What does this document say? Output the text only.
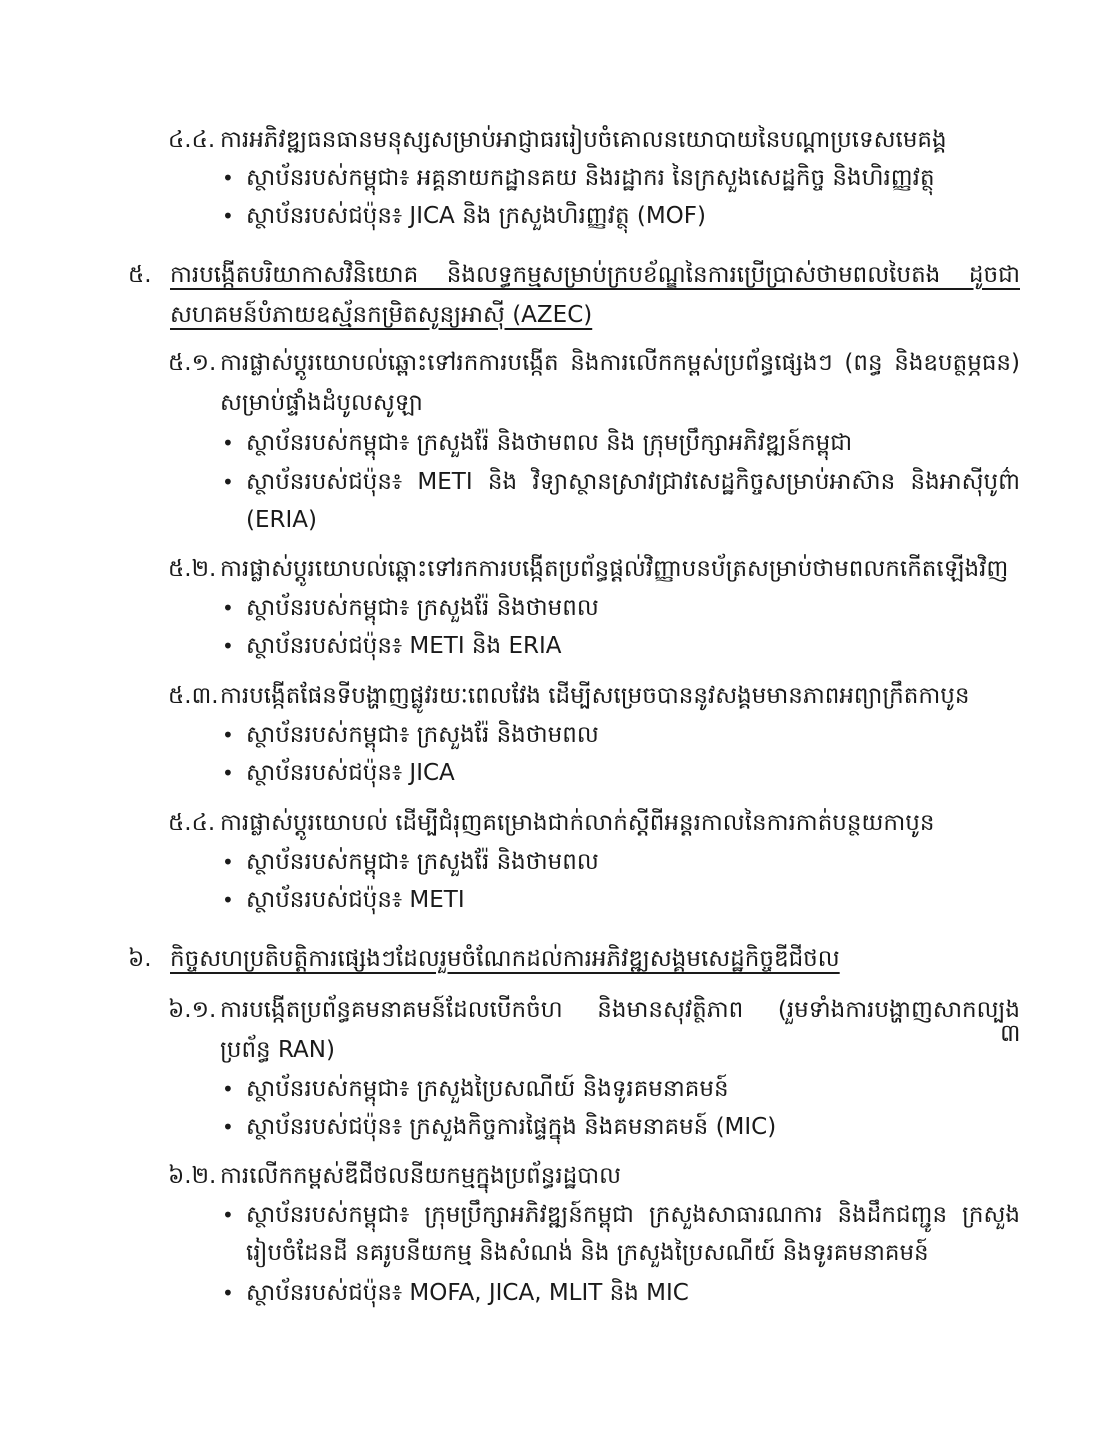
៤.៤. ការអភិវឌ្ឍធនធានមនុស្សសម្រាប់អាជ្ញាធររៀបចំគោលនយោបាយនៃបណ្តាប្រទេសមេគង្គ
• ស្ថាប័នរបស់កម្ពុជា៖ អគ្គនាយកដ្ឋានគយ និងរដ្ឋាករ នៃក្រសួងសេដ្ឋកិច្ច និងហិរញ្ញវត្ថុ
• ស្ថាប័នរបស់ជប៉ុន៖ JICA និង ក្រសួងហិរញ្ញវត្ថុ (MOF)
៥. ការបង្កើតបរិយាកាសវិនិយោគ និងលទ្ធកម្មសម្រាប់ក្របខ័ណ្ឌនៃការប្រើប្រាស់ថាមពលបៃតង ដូចជា
សហគមន៍បំភាយឧស្ម័នកម្រិតសូន្យអាស៊ី (AZEC)
៥.១. ការផ្លាស់ប្តូរយោបល់ឆ្ពោះទៅរកការបង្កើត និងការលើកកម្ពស់ប្រព័ន្ធផ្សេងៗ (ពន្ធ និងឧបត្ថម្ភធន)
សម្រាប់ផ្ទាំងដំបូលសូឡា
• ស្ថាប័នរបស់កម្ពុជា៖ ក្រសួងរ៉ែ និងថាមពល និង ក្រុមប្រឹក្សាអភិវឌ្ឍន៍កម្ពុជា
• ស្ថាប័នរបស់ជប៉ុន៖ METI និង វិទ្យាស្ថានស្រាវជ្រាវសេដ្ឋកិច្ចសម្រាប់អាស៊ាន និងអាស៊ីបូព៌ា
(ERIA)
៥.២. ការផ្លាស់ប្តូរយោបល់ឆ្ពោះទៅរកការបង្កើតប្រព័ន្ធផ្តល់វិញ្ញាបនប័ត្រសម្រាប់ថាមពលកកើតឡើងវិញ
• ស្ថាប័នរបស់កម្ពុជា៖ ក្រសួងរ៉ែ និងថាមពល
• ស្ថាប័នរបស់ជប៉ុន៖ METI និង ERIA
៥.៣. ការបង្កើតផែនទីបង្ហាញផ្លូវរយៈពេលវែង ដើម្បីសម្រេចបាននូវសង្គមមានភាពអព្យាក្រឹតកាបូន
• ស្ថាប័នរបស់កម្ពុជា៖ ក្រសួងរ៉ែ និងថាមពល
• ស្ថាប័នរបស់ជប៉ុន៖ JICA
៥.៤. ការផ្លាស់ប្តូរយោបល់ ដើម្បីជំរុញគម្រោងជាក់លាក់ស្តីពីអន្តរកាលនៃការកាត់បន្ថយកាបូន
• ស្ថាប័នរបស់កម្ពុជា៖ ក្រសួងរ៉ែ និងថាមពល
• ស្ថាប័នរបស់ជប៉ុន៖ METI
៦. កិច្ចសហប្រតិបត្តិការផ្សេងៗដែលរួមចំណែកដល់ការអភិវឌ្ឍសង្គមសេដ្ឋកិច្ចឌីជីថល
៦.១. ការបង្កើតប្រព័ន្ធគមនាគមន៍ដែលបើកចំហ និងមានសុវត្ថិភាព (រួមទាំងការបង្ហាញសាកល្បង
ប្រព័ន្ធ RAN)
• ស្ថាប័នរបស់កម្ពុជា៖ ក្រសួងប្រៃសណីយ៍ និងទូរគមនាគមន៍
• ស្ថាប័នរបស់ជប៉ុន៖ ក្រសួងកិច្ចការផ្ទៃក្នុង និងគមនាគមន៍ (MIC)
៦.២. ការលើកកម្ពស់ឌីជីថលនីយកម្មក្នុងប្រព័ន្ធរដ្ឋបាល
• ស្ថាប័នរបស់កម្ពុជា៖ ក្រុមប្រឹក្សាអភិវឌ្ឍន៍កម្ពុជា ក្រសួងសាធារណការ និងដឹកជញ្ជូន ក្រសួង
រៀបចំដែនដី នគរូបនីយកម្ម និងសំណង់ និង ក្រសួងប្រៃសណីយ៍ និងទូរគមនាគមន៍
• ស្ថាប័នរបស់ជប៉ុន៖ MOFA, JICA, MLIT និង MIC
៣
